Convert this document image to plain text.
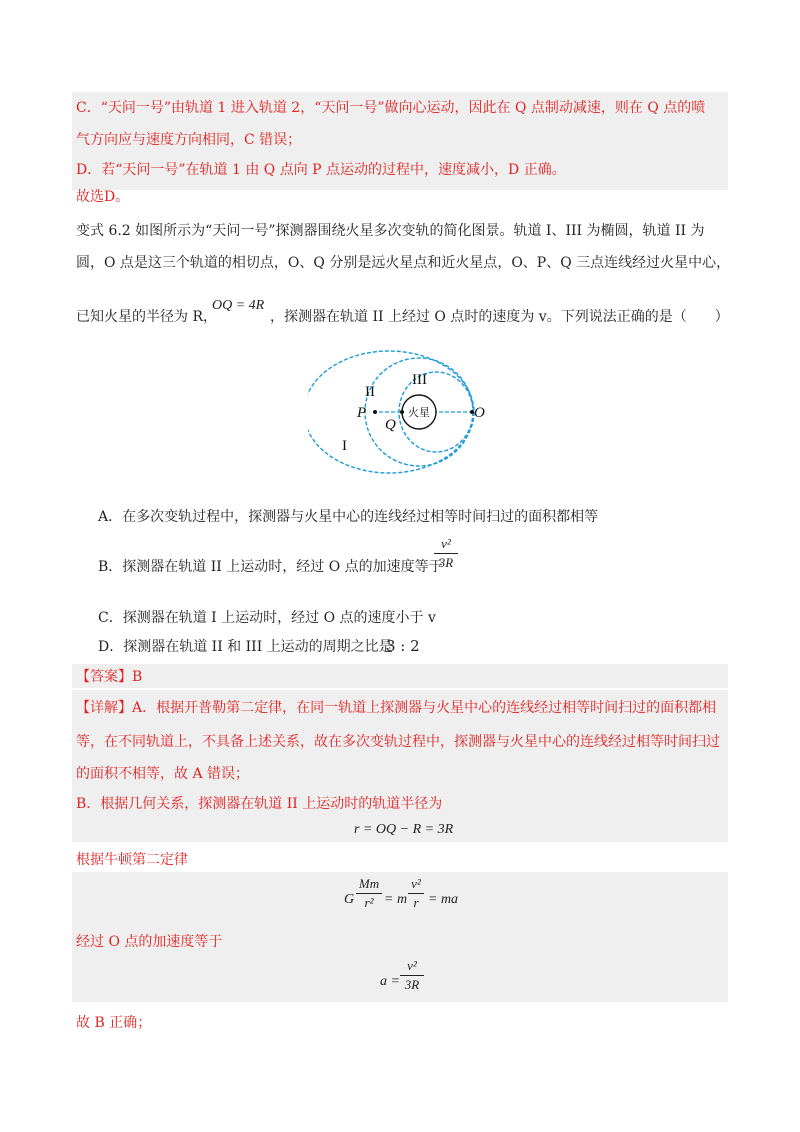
C．“天问一号”由轨道 1 进入轨道 2，“天问一号”做向心运动，因此在 Q 点制动减速，则在 Q 点的喷
气方向应与速度方向相同，C 错误；
D．若“天问一号”在轨道 1 由 Q 点向 P 点运动的过程中，速度减小，D 正确。
故选D。
变式 6.2 如图所示为“天问一号”探测器围绕火星多次变轨的简化图景。轨道 I、III 为椭圆，轨道 II 为
圆，O 点是这三个轨道的相切点，O、Q 分别是远火星点和近火星点，O、P、Q 三点连线经过火星中心，
已知火星的半径为 R，
OQ = 4R
，探测器在轨道 II 上经过 O 点时的速度为 v。下列说法正确的是（　　）
火星
II
III
I
P
Q
O
A．在多次变轨过程中，探测器与火星中心的连线经过相等时间扫过的面积都相等
B．探测器在轨道 II 上运动时，经过 O 点的加速度等于
v²
3R
C．探测器在轨道 I 上运动时，经过 O 点的速度小于 v
D．探测器在轨道 II 和 III 上运动的周期之比是
3 : 2
【答案】B
【详解】A．根据开普勒第二定律，在同一轨道上探测器与火星中心的连线经过相等时间扫过的面积都相
等，在不同轨道上，不具备上述关系，故在多次变轨过程中，探测器与火星中心的连线经过相等时间扫过
的面积不相等，故 A 错误；
B．根据几何关系，探测器在轨道 II 上运动时的轨道半径为
r = OQ − R = 3R
根据牛顿第二定律
G
Mm
r² = m
v²
r = ma
经过 O 点的加速度等于
a =
v²
3R
故 B 正确；
